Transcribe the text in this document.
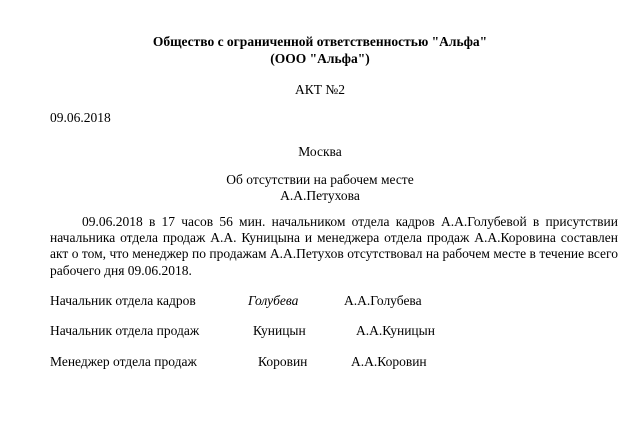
Общество с ограниченной ответственностью "Альфа"
(ООО "Альфа")
АКТ №2
09.06.2018
Москва
Об отсутствии на рабочем месте
А.А.Петухова
09.06.2018 в 17 часов 56 мин. начальником отдела кадров А.А.Голубевой в присутствии
начальника отдела продаж А.А. Куницына и менеджера отдела продаж А.А.Коровина составлен
акт о том, что менеджер по продажам А.А.Петухов отсутствовал на рабочем месте в течение всего
рабочего дня 09.06.2018.
Начальник отдела кадров	Голубева	А.А.Голубева
Начальник отдела продаж	Куницын	А.А.Куницын
Менеджер отдела продаж	Коровин	А.А.Коровин
